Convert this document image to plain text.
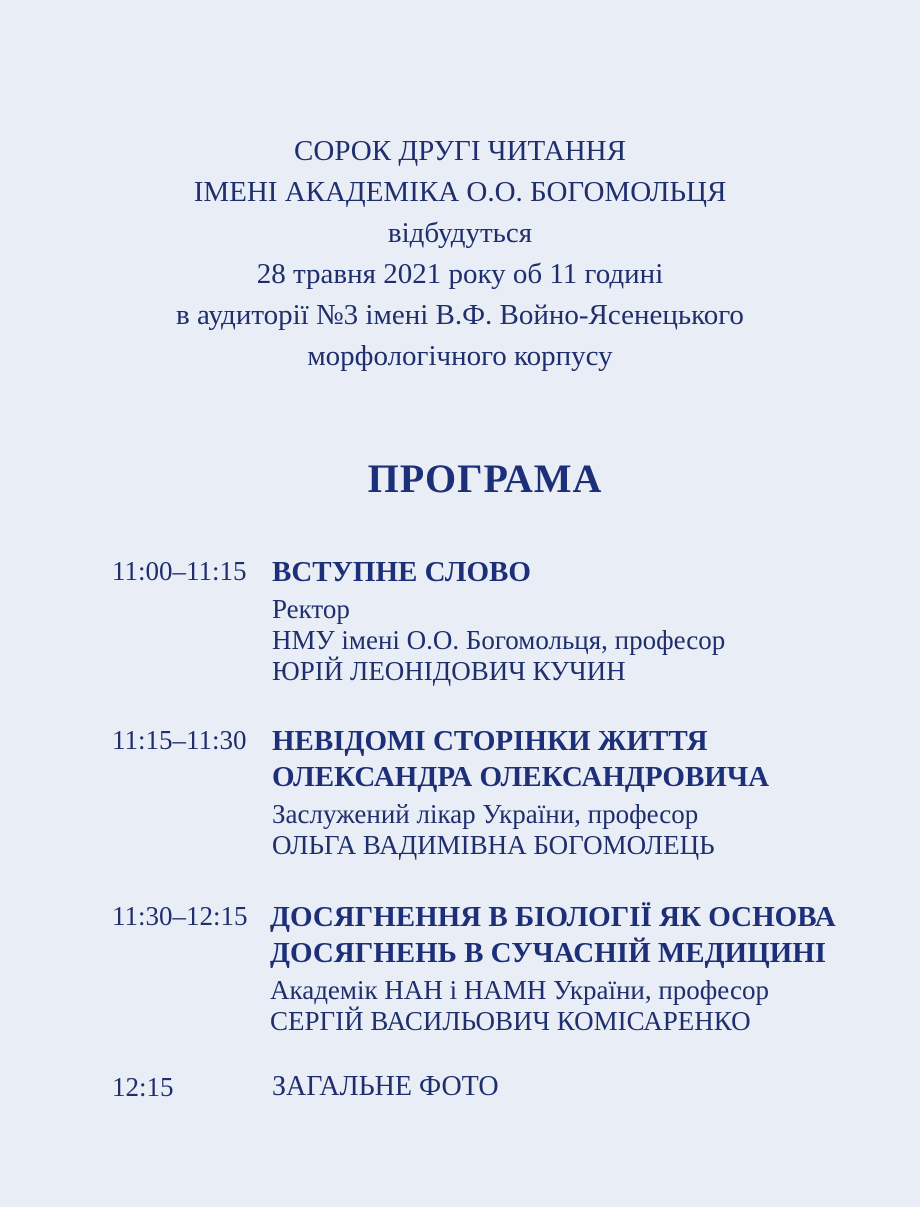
СОРОК ДРУГІ ЧИТАННЯ
ІМЕНІ АКАДЕМІКА О.О. БОГОМОЛЬЦЯ
відбудуться
28 травня 2021 року об 11 годині
в аудиторії №3 імені В.Ф. Войно-Ясенецького
морфологічного корпусу
ПРОГРАМА
11:00–11:15 ВСТУПНЕ СЛОВО
Ректор
НМУ імені О.О. Богомольця, професор
ЮРІЙ ЛЕОНІДОВИЧ КУЧИН
11:15–11:30 НЕВІДОМІ СТОРІНКИ ЖИТТЯ
ОЛЕКСАНДРА ОЛЕКСАНДРОВИЧА
Заслужений лікар України, професор
ОЛЬГА ВАДИМІВНА БОГОМОЛЕЦЬ
11:30–12:15 ДОСЯГНЕННЯ В БІОЛОГІЇ ЯК ОСНОВА
ДОСЯГНЕНЬ В СУЧАСНІЙ МЕДИЦИНІ
Академік НАН і НАМН України, професор
СЕРГІЙ ВАСИЛЬОВИЧ КОМІСАРЕНКО
12:15	ЗАГАЛЬНЕ ФОТО
